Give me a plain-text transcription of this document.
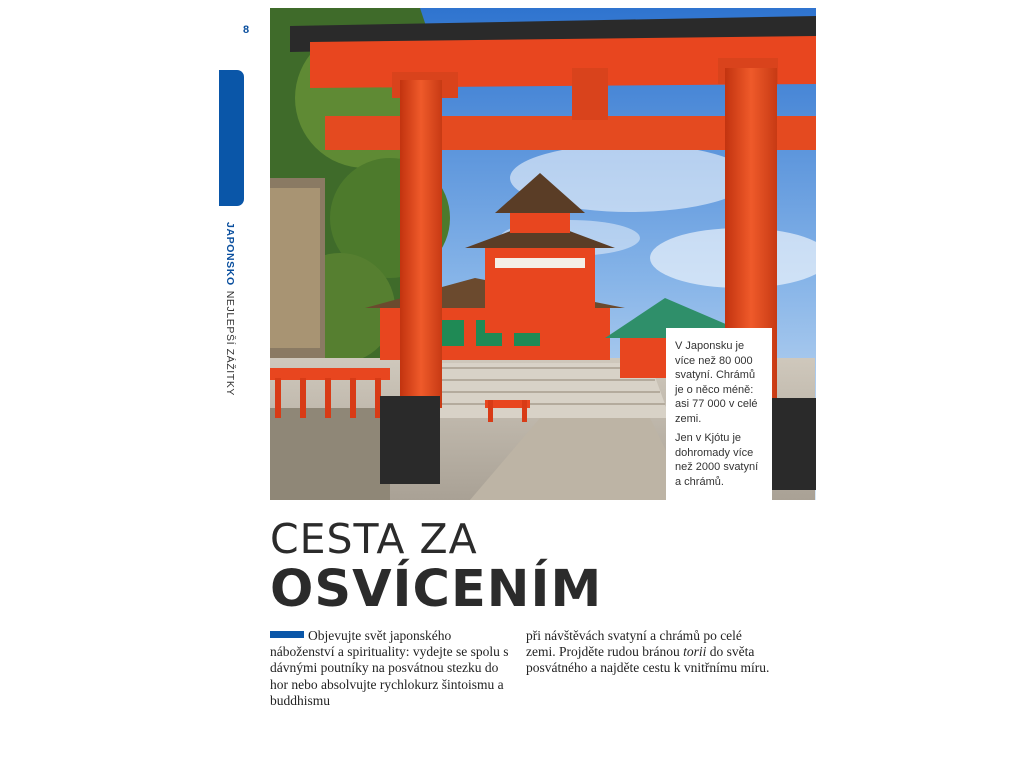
8
JAPONSKONEJLEPŠÍ ZÁŽITKY	V Japonsku je více než 80 000 svatyní. Chrámů je o něco méně: asi 77 000 v celé zemi.

Jen v Kjótu je dohromady více než 2000 svatyní a chrámů.

CESTA ZA
OSVÍCENÍM

Objevujte svět japonského náboženství a spirituality: vydejte se spolu s dávnými poutníky na posvátnou stezku do hor nebo absolvujte rychlokurz šintoismu a buddhismu

při návštěvách svatyní a chrámů po celé zemi. Projděte rudou bránou torii do světa posvátného a najděte cestu k vnitřnímu míru.
